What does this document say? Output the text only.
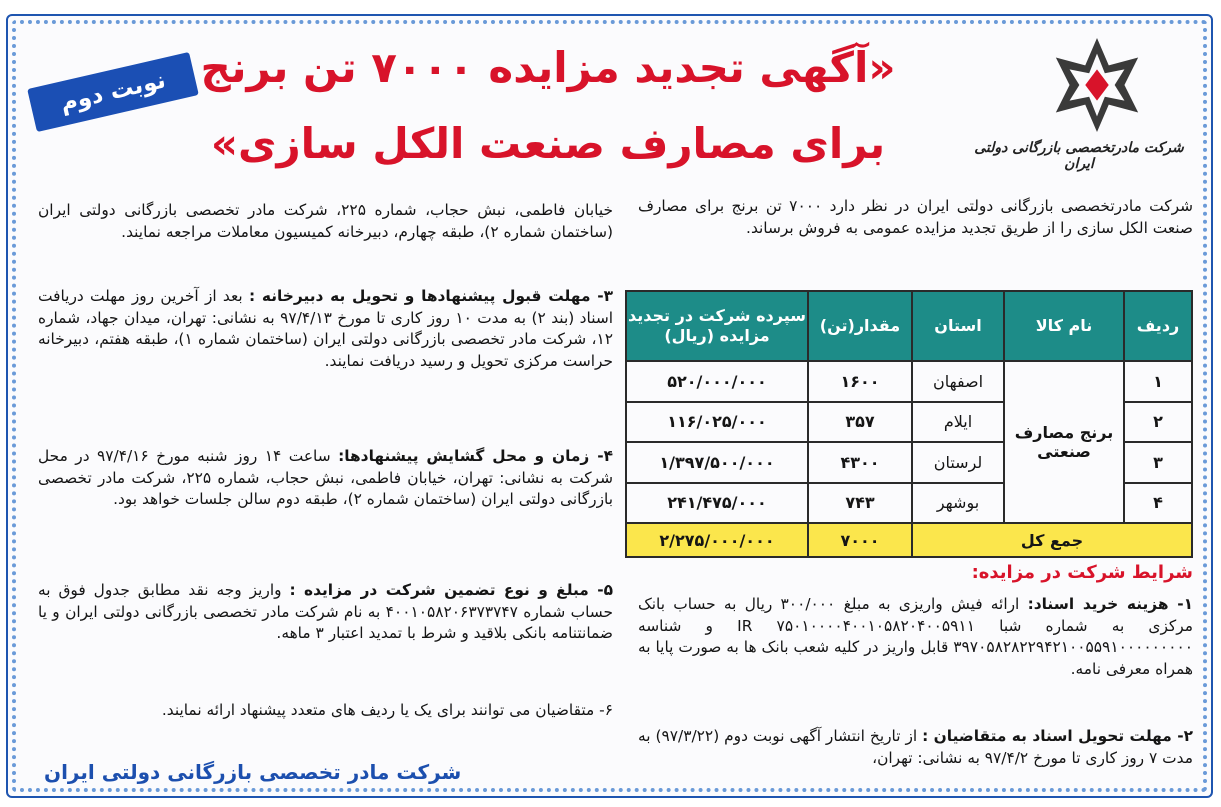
شرکت مادرتخصصی بازرگانی دولتی ایران
«آگهی تجدید مزایده ۷۰۰۰ تن برنج
برای مصارف صنعت الکل سازی»
نوبت دوم
شرکت مادرتخصصی بازرگانی دولتی ایران در نظر دارد ۷۰۰۰ تن برنج برای مصارف صنعت الکل سازی را از طریق تجدید مزایده عمومی به فروش برساند.
ردیف	نام کالا	استان	مقدار(تن)	سپرده شرکت در تجدید مزایده (ریال)
۱	برنج مصارف صنعتی	اصفهان	۱۶۰۰	۵۲۰/۰۰۰/۰۰۰
۲		ایلام	۳۵۷	۱۱۶/۰۲۵/۰۰۰
۳		لرستان	۴۳۰۰	۱/۳۹۷/۵۰۰/۰۰۰
۴		بوشهر	۷۴۳	۲۴۱/۴۷۵/۰۰۰
جمع کل			۷۰۰۰	۲/۲۷۵/۰۰۰/۰۰۰
شرایط شرکت در مزایده:
۱- هزینه خرید اسناد: ارائه فیش واریزی به مبلغ ۳۰۰/۰۰۰ ریال به حساب بانک مرکزی به شماره شبا IR ۷۵۰۱۰۰۰۰۴۰۰۱۰۵۸۲۰۴۰۰۵۹۱۱ و شناسه ۳۹۷۰۵۸۲۸۲۲۹۴۲۱۰۰۵۵۹۱۰۰۰۰۰۰۰۰۰ قابل واریز در کلیه شعب بانک ها به صورت پایا به همراه معرفی نامه.
۲- مهلت تحویل اسناد به متقاضیان : از تاریخ انتشار آگهی نوبت دوم (۹۷/۳/۲۲) به مدت ۷ روز کاری تا مورخ ۹۷/۴/۲ به نشانی: تهران،
خیابان فاطمی، نبش حجاب، شماره ۲۲۵، شرکت مادر تخصصی بازرگانی دولتی ایران (ساختمان شماره ۲)، طبقه چهارم، دبیرخانه کمیسیون معاملات مراجعه نمایند.
۳- مهلت قبول پیشنهادها و تحویل به دبیرخانه : بعد از آخرین روز مهلت دریافت اسناد (بند ۲) به مدت ۱۰ روز کاری تا مورخ ۹۷/۴/۱۳ به نشانی: تهران، میدان جهاد، شماره ۱۲، شرکت مادر تخصصی بازرگانی دولتی ایران (ساختمان شماره ۱)، طبقه هفتم، دبیرخانه حراست مرکزی تحویل و رسید دریافت نمایند.
۴- زمان و محل گشایش پیشنهادها: ساعت ۱۴ روز شنبه مورخ ۹۷/۴/۱۶ در محل شرکت به نشانی: تهران، خیابان فاطمی، نبش حجاب، شماره ۲۲۵، شرکت مادر تخصصی بازرگانی دولتی ایران (ساختمان شماره ۲)، طبقه دوم سالن جلسات خواهد بود.
۵- مبلغ و نوع تضمین شرکت در مزایده : واریز وجه نقد مطابق جدول فوق به حساب شماره ۴۰۰۱۰۵۸۲۰۶۳۷۳۷۴۷ به نام شرکت مادر تخصصی بازرگانی دولتی ایران و یا ضمانتنامه بانکی بلاقید و شرط با تمدید اعتبار ۳ ماهه.
۶- متقاضیان می توانند برای یک یا ردیف های متعدد پیشنهاد ارائه نمایند.
شرکت مادر تخصصی بازرگانی دولتی ایران
